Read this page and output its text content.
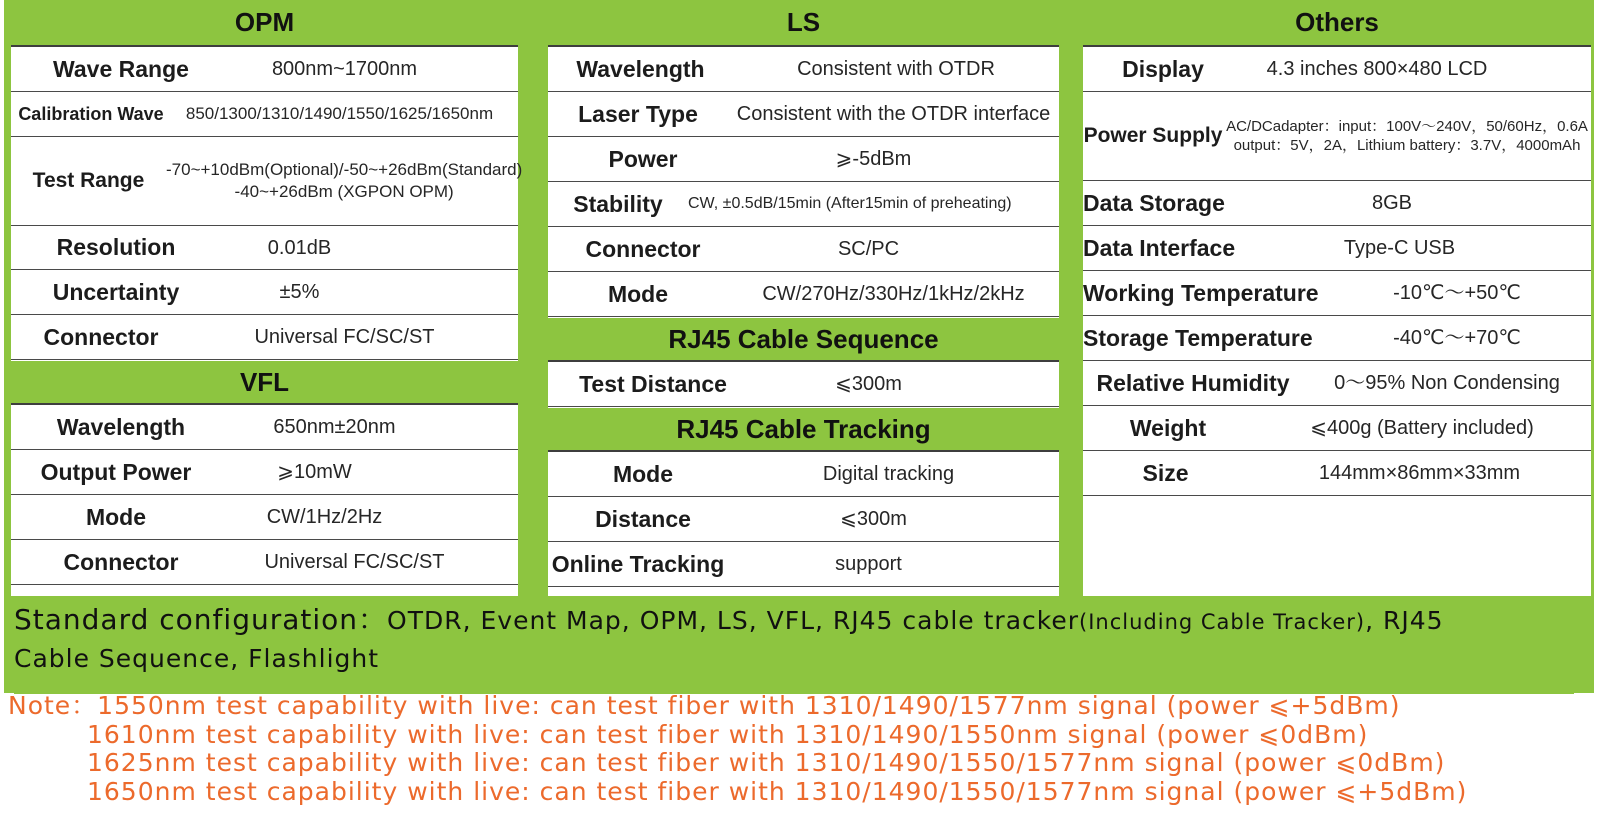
OPM
Wave Range	800nm~1700nm
Calibration Wave	850/1300/1310/1490/1550/1625/1650nm
Test Range	-70~+10dBm(Optional)/-50~+26dBm(Standard)
-40~+26dBm (XGPON OPM)
Resolution	0.01dB
Uncertainty	±5%
Connector	Universal FC/SC/ST
VFL
Wavelength	650nm±20nm
Output Power	⩾10mW
Mode	CW/1Hz/2Hz
Connector	Universal FC/SC/ST
LS
Wavelength	Consistent with OTDR
Laser Type	Consistent with the OTDR interface
Power	⩾-5dBm
Stability	CW, ±0.5dB/15min (After15min of preheating)
Connector	SC/PC
Mode	CW/270Hz/330Hz/1kHz/2kHz
RJ45 Cable Sequence
Test Distance	⩽300m
RJ45 Cable Tracking
Mode	Digital tracking
Distance	⩽300m
Online Tracking	support
Others
Display	4.3 inches 800×480 LCD
Power Supply AC/DCadapter：input：100V～240V，50/60Hz，0.6A
output：5V，2A，Lithium battery：3.7V，4000mAh
Data Storage	8GB
Data Interface	Type-C USB
Working Temperature	-10℃～+50℃
Storage Temperature	-40℃～+70℃
Relative Humidity	0～95% Non Condensing
Weight	⩽400g (Battery included)
Size	144mm×86mm×33mm
Standard configuration：OTDR, Event Map, OPM, LS, VFL, RJ45 cable tracker(Including Cable Tracker), RJ45
Cable Sequence, Flashlight
Note：1550nm test capability with live: can test fiber with 1310/1490/1577nm signal (power ⩽+5dBm)
1610nm test capability with live: can test fiber with 1310/1490/1550nm signal (power ⩽0dBm)
1625nm test capability with live: can test fiber with 1310/1490/1550/1577nm signal (power ⩽0dBm)
1650nm test capability with live: can test fiber with 1310/1490/1550/1577nm signal (power ⩽+5dBm)
